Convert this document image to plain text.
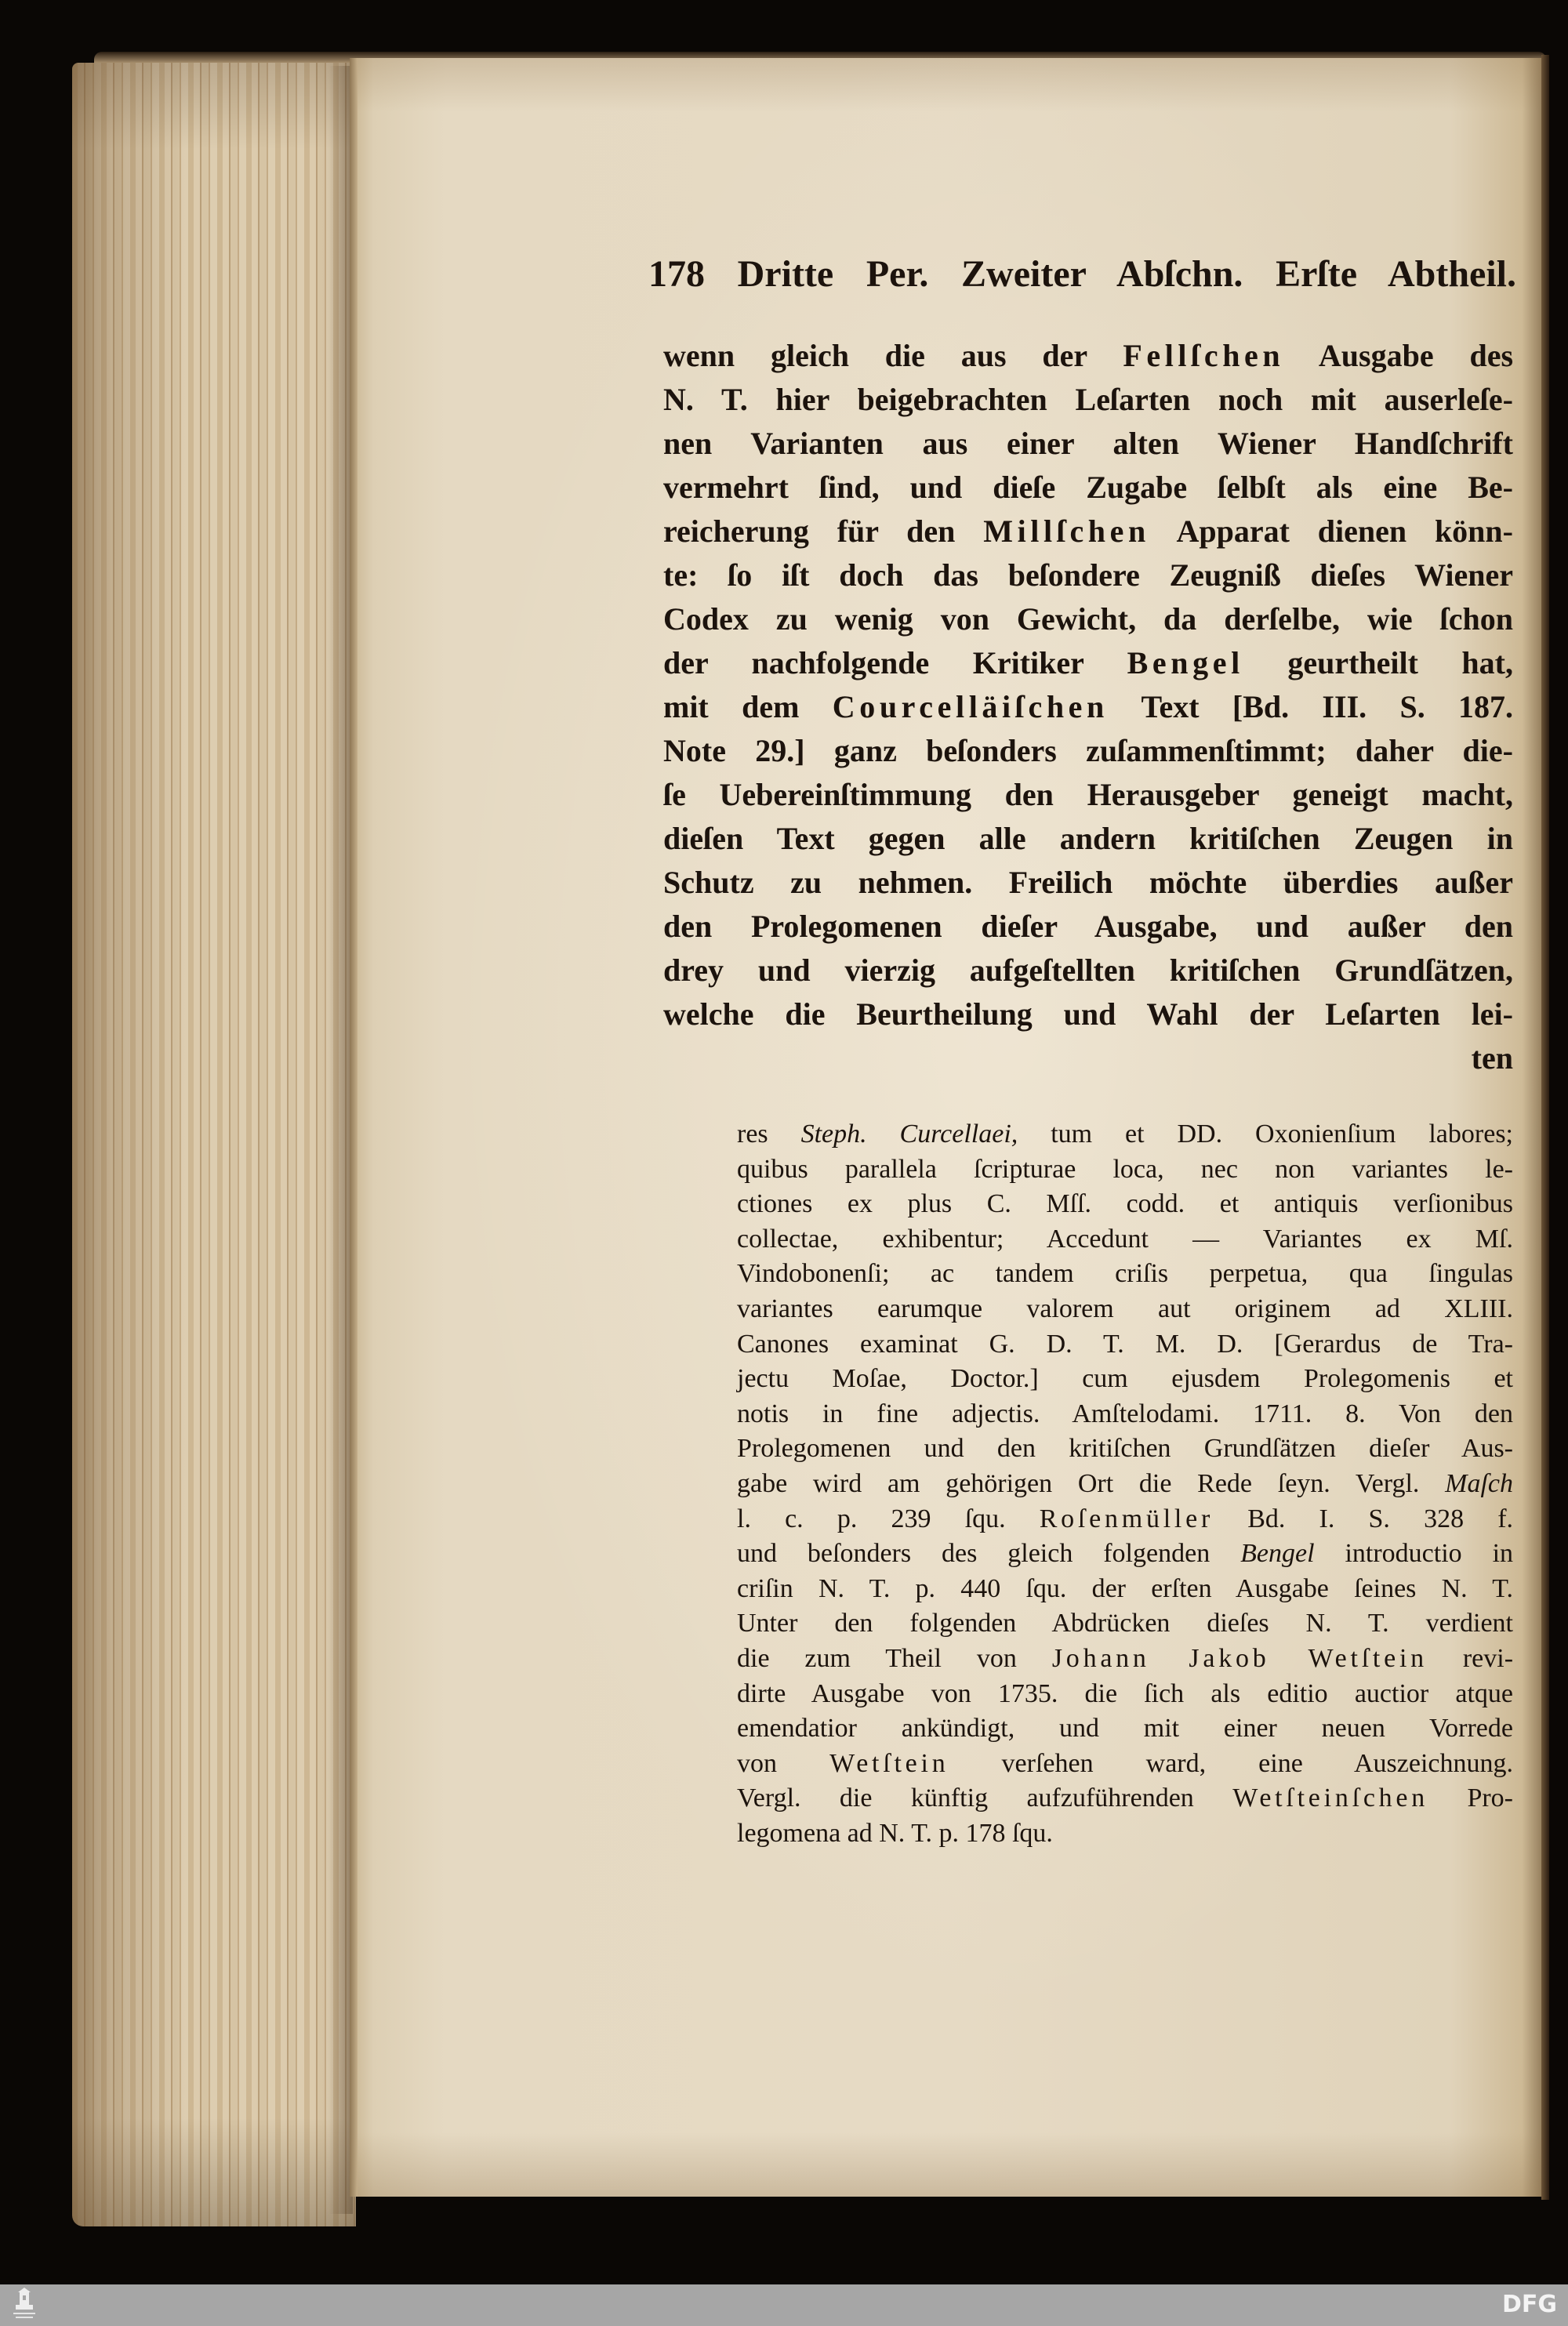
178 Dritte Per. Zweiter Abſchn. Erſte Abtheil.
wenn gleich die aus der Fellſchen Ausgabe des
N. T. hier beigebrachten Leſarten noch mit auserleſe-
nen Varianten aus einer alten Wiener Handſchrift
vermehrt ſind, und dieſe Zugabe ſelbſt als eine Be-
reicherung für den Millſchen Apparat dienen könn-
te: ſo iſt doch das beſondere Zeugniß dieſes Wiener
Codex zu wenig von Gewicht, da derſelbe, wie ſchon
der nachfolgende Kritiker Bengel geurtheilt hat,
mit dem Courcelläiſchen Text [Bd. III. S. 187.
Note 29.] ganz beſonders zuſammenſtimmt; daher die-
ſe Uebereinſtimmung den Herausgeber geneigt macht,
dieſen Text gegen alle andern kritiſchen Zeugen in
Schutz zu nehmen. Freilich möchte überdies außer
den Prolegomenen dieſer Ausgabe, und außer den
drey und vierzig aufgeſtellten kritiſchen Grundſätzen,
welche die Beurtheilung und Wahl der Leſarten lei-
ten
res Steph. Curcellaei, tum et DD. Oxonienſium labores;
quibus parallela ſcripturae loca, nec non variantes le-
ctiones ex plus C. Mſſ. codd. et antiquis verſionibus
collectae, exhibentur; Accedunt — Variantes ex Mſ.
Vindobonenſi; ac tandem criſis perpetua, qua ſingulas
variantes earumque valorem aut originem ad XLIII.
Canones examinat G. D. T. M. D. [Gerardus de Tra-
jectu Moſae, Doctor.] cum ejusdem Prolegomenis et
notis in fine adjectis. Amſtelodami. 1711. 8. Von den
Prolegomenen und den kritiſchen Grundſätzen dieſer Aus-
gabe wird am gehörigen Ort die Rede ſeyn. Vergl. Maſch
l. c. p. 239 ſqu. Roſenmüller Bd. I. S. 328 f.
und beſonders des gleich folgenden Bengel introductio in
criſin N. T. p. 440 ſqu. der erſten Ausgabe ſeines N. T.
Unter den folgenden Abdrücken dieſes N. T. verdient
die zum Theil von Johann Jakob Wetſtein revi-
dirte Ausgabe von 1735. die ſich als editio auctior atque
emendatior ankündigt, und mit einer neuen Vorrede
von Wetſtein verſehen ward, eine Auszeichnung.
Vergl. die künftig aufzuführenden Wetſteinſchen Pro-
legomena ad N. T. p. 178 ſqu.
DFG
